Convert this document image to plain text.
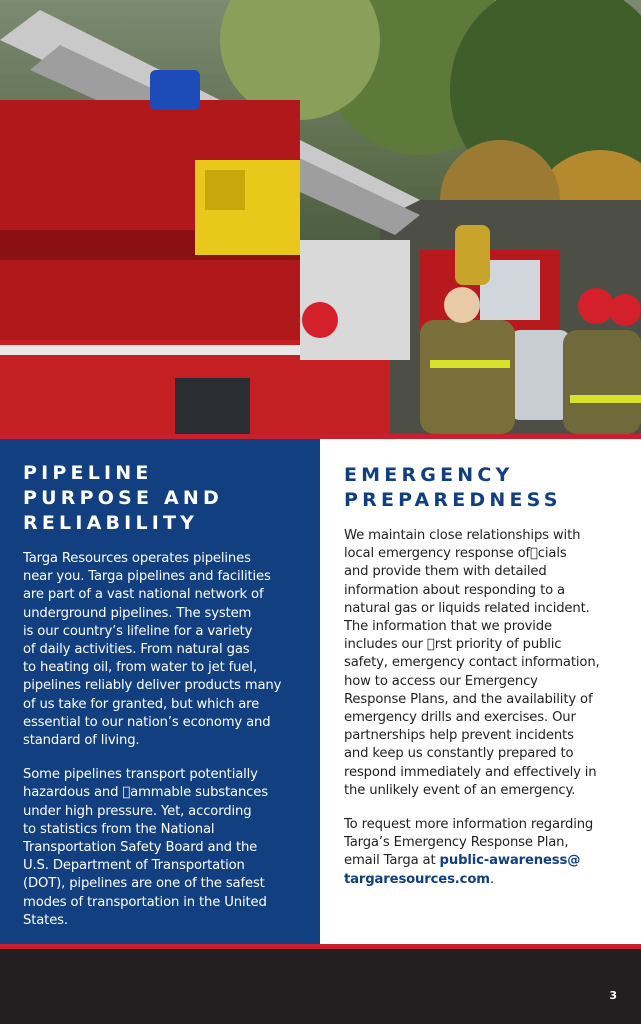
PIPELINE
PURPOSE AND
RELIABILITY

Targa Resources operates pipelines
near you. Targa pipelines and facilities
are part of a vast national network of
underground pipelines. The system
is our country’s lifeline for a variety
of daily activities. From natural gas
to heating oil, from water to jet fuel,
pipelines reliably deliver products many
of us take for granted, but which are
essential to our nation’s economy and
standard of living.

Some pipelines transport potentially
hazardous and  ammable substances
under high pressure. Yet, according
to statistics from the National
Transportation Safety Board and the
U.S. Department of Transportation
(DOT), pipelines are one of the safest
modes of transportation in the United
States.

EMERGENCY
PREPAREDNESS

We maintain close relationships with
local emergency response of cials
and provide them with detailed
information about responding to a
natural gas or liquids related incident.
The information that we provide
includes our  rst priority of public
safety, emergency contact information,
how to access our Emergency
Response Plans, and the availability of
emergency drills and exercises. Our
partnerships help prevent incidents
and keep us constantly prepared to
respond immediately and effectively in
the unlikely event of an emergency.

To request more information regarding
Targa’s Emergency Response Plan,
email Targa at public-awareness@
targaresources.com.

3
